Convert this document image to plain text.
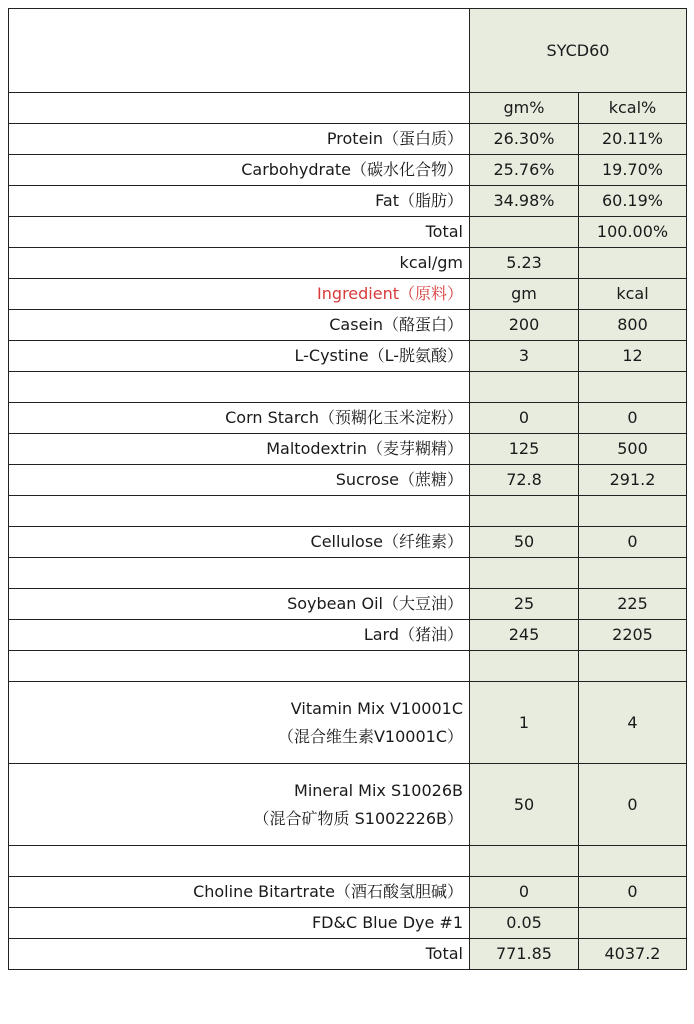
	SYCD60	
	gm%	kcal%
Protein（蛋白质）	26.30%	20.11%
Carbohydrate（碳水化合物）	25.76%	19.70%
Fat（脂肪）	34.98%	60.19%
Total		100.00%
kcal/gm	5.23	
Ingredient（原料）	gm	kcal
Casein（酪蛋白）	200	800
L-Cystine（L-胱氨酸）	3	12

Corn Starch（预糊化玉米淀粉）	0	0
Maltodextrin（麦芽糊精）	125	500
Sucrose（蔗糖）	72.8	291.2

Cellulose（纤维素）	50	0

Soybean Oil（大豆油）	25	225
Lard（猪油）	245	2205

Vitamin Mix V10001C
（混合维生素V10001C）	1	4
Mineral Mix S10026B
（混合矿物质 S1002226B）	50	0

Choline Bitartrate（酒石酸氢胆碱）	0	0
FD&C Blue Dye #1	0.05	
Total	771.85	4037.2
